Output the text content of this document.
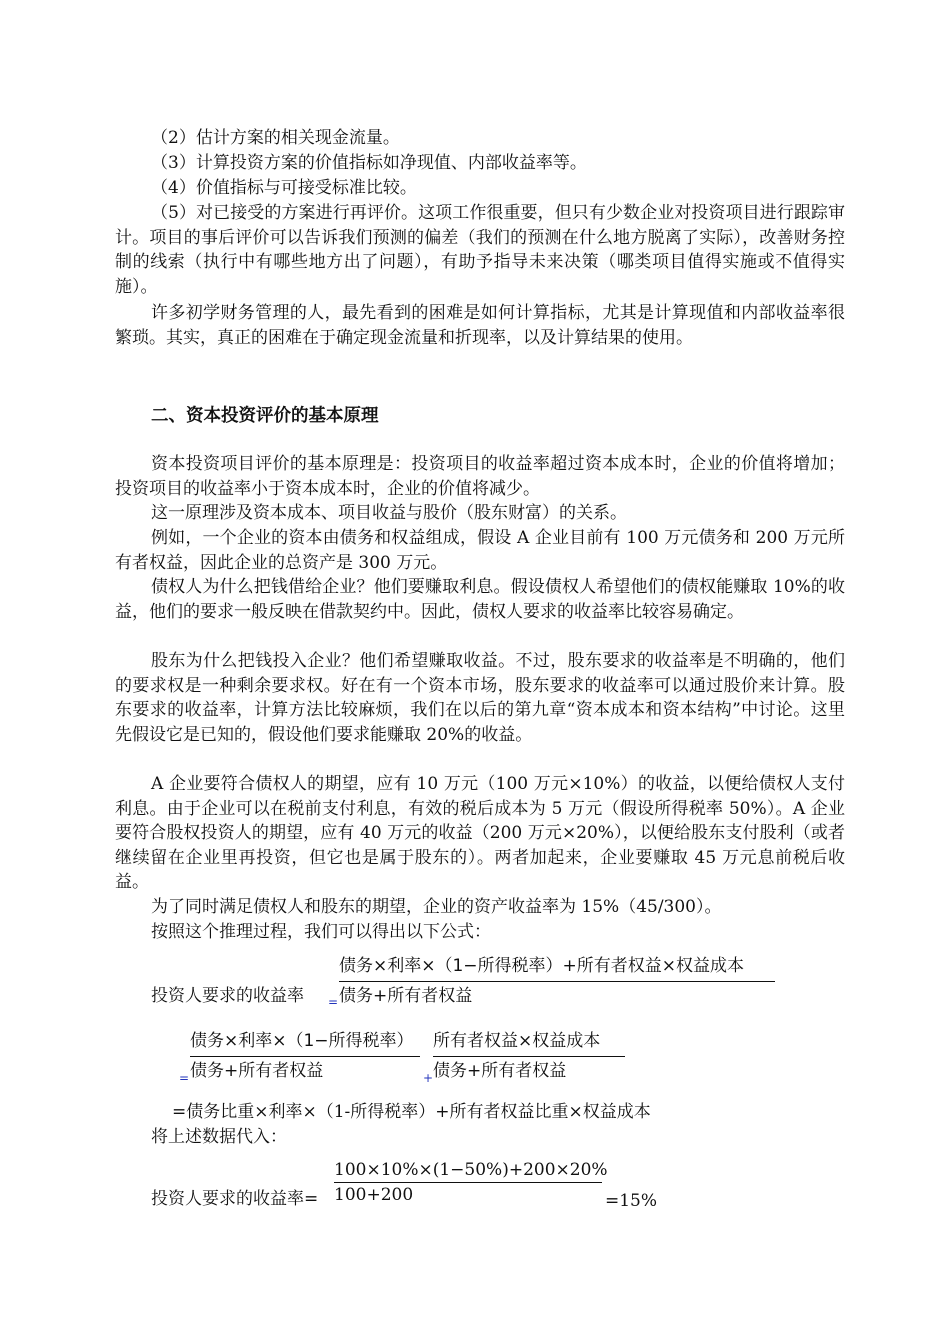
（2）估计方案的相关现金流量。

（3）计算投资方案的价值指标如净现值、内部收益率等。

（4）价值指标与可接受标准比较。

（5）对已接受的方案进行再评价。这项工作很重要，但只有少数企业对投资项目进行跟踪审计。项目的事后评价可以告诉我们预测的偏差（我们的预测在什么地方脱离了实际），改善财务控制的线索（执行中有哪些地方出了问题），有助予指导未来决策（哪类项目值得实施或不值得实施）。

许多初学财务管理的人，最先看到的困难是如何计算指标，尤其是计算现值和内部收益率很繁琐。其实，真正的困难在于确定现金流量和折现率，以及计算结果的使用。

二、资本投资评价的基本原理

资本投资项目评价的基本原理是：投资项目的收益率超过资本成本时，企业的价值将增加；投资项目的收益率小于资本成本时，企业的价值将减少。

这一原理涉及资本成本、项目收益与股价（股东财富）的关系。

例如，一个企业的资本由债务和权益组成，假设 A 企业目前有 100 万元债务和 200 万元所有者权益，因此企业的总资产是 300 万元。

债权人为什么把钱借给企业？他们要赚取利息。假设债权人希望他们的债权能赚取 10%的收益，他们的要求一般反映在借款契约中。因此，债权人要求的收益率比较容易确定。

股东为什么把钱投入企业？他们希望赚取收益。不过，股东要求的收益率是不明确的，他们的要求权是一种剩余要求权。好在有一个资本市场，股东要求的收益率可以通过股价来计算。股东要求的收益率，计算方法比较麻烦，我们在以后的第九章“资本成本和资本结构”中讨论。这里先假设它是已知的，假设他们要求能赚取 20%的收益。

A 企业要符合债权人的期望，应有 10 万元（100 万元×10%）的收益，以便给债权人支付利息。由于企业可以在税前支付利息，有效的税后成本为 5 万元（假设所得税率 50%）。A 企业要符合股权投资人的期望，应有 40 万元的收益（200 万元×20%），以便给股东支付股利（或者继续留在企业里再投资，但它也是属于股东的）。两者加起来，企业要赚取 45 万元息前税后收益。

为了同时满足债权人和股东的期望，企业的资产收益率为 15%（45/300）。

按照这个推理过程，我们可以得出以下公式：

债务×利率×（1−所得税率）+所有者权益×权益成本
投资人要求的收益率 = 债务+所有者权益
债务×利率×（1−所得税率）
= 债务+所有者权益
所有者权益×权益成本
+ 债务+所有者权益
=债务比重×利率×（1-所得税率）+所有者权益比重×权益成本
将上述数据代入：
100×10%×(1−50%)+200×20%
投资人要求的收益率= 100+200	=15%
